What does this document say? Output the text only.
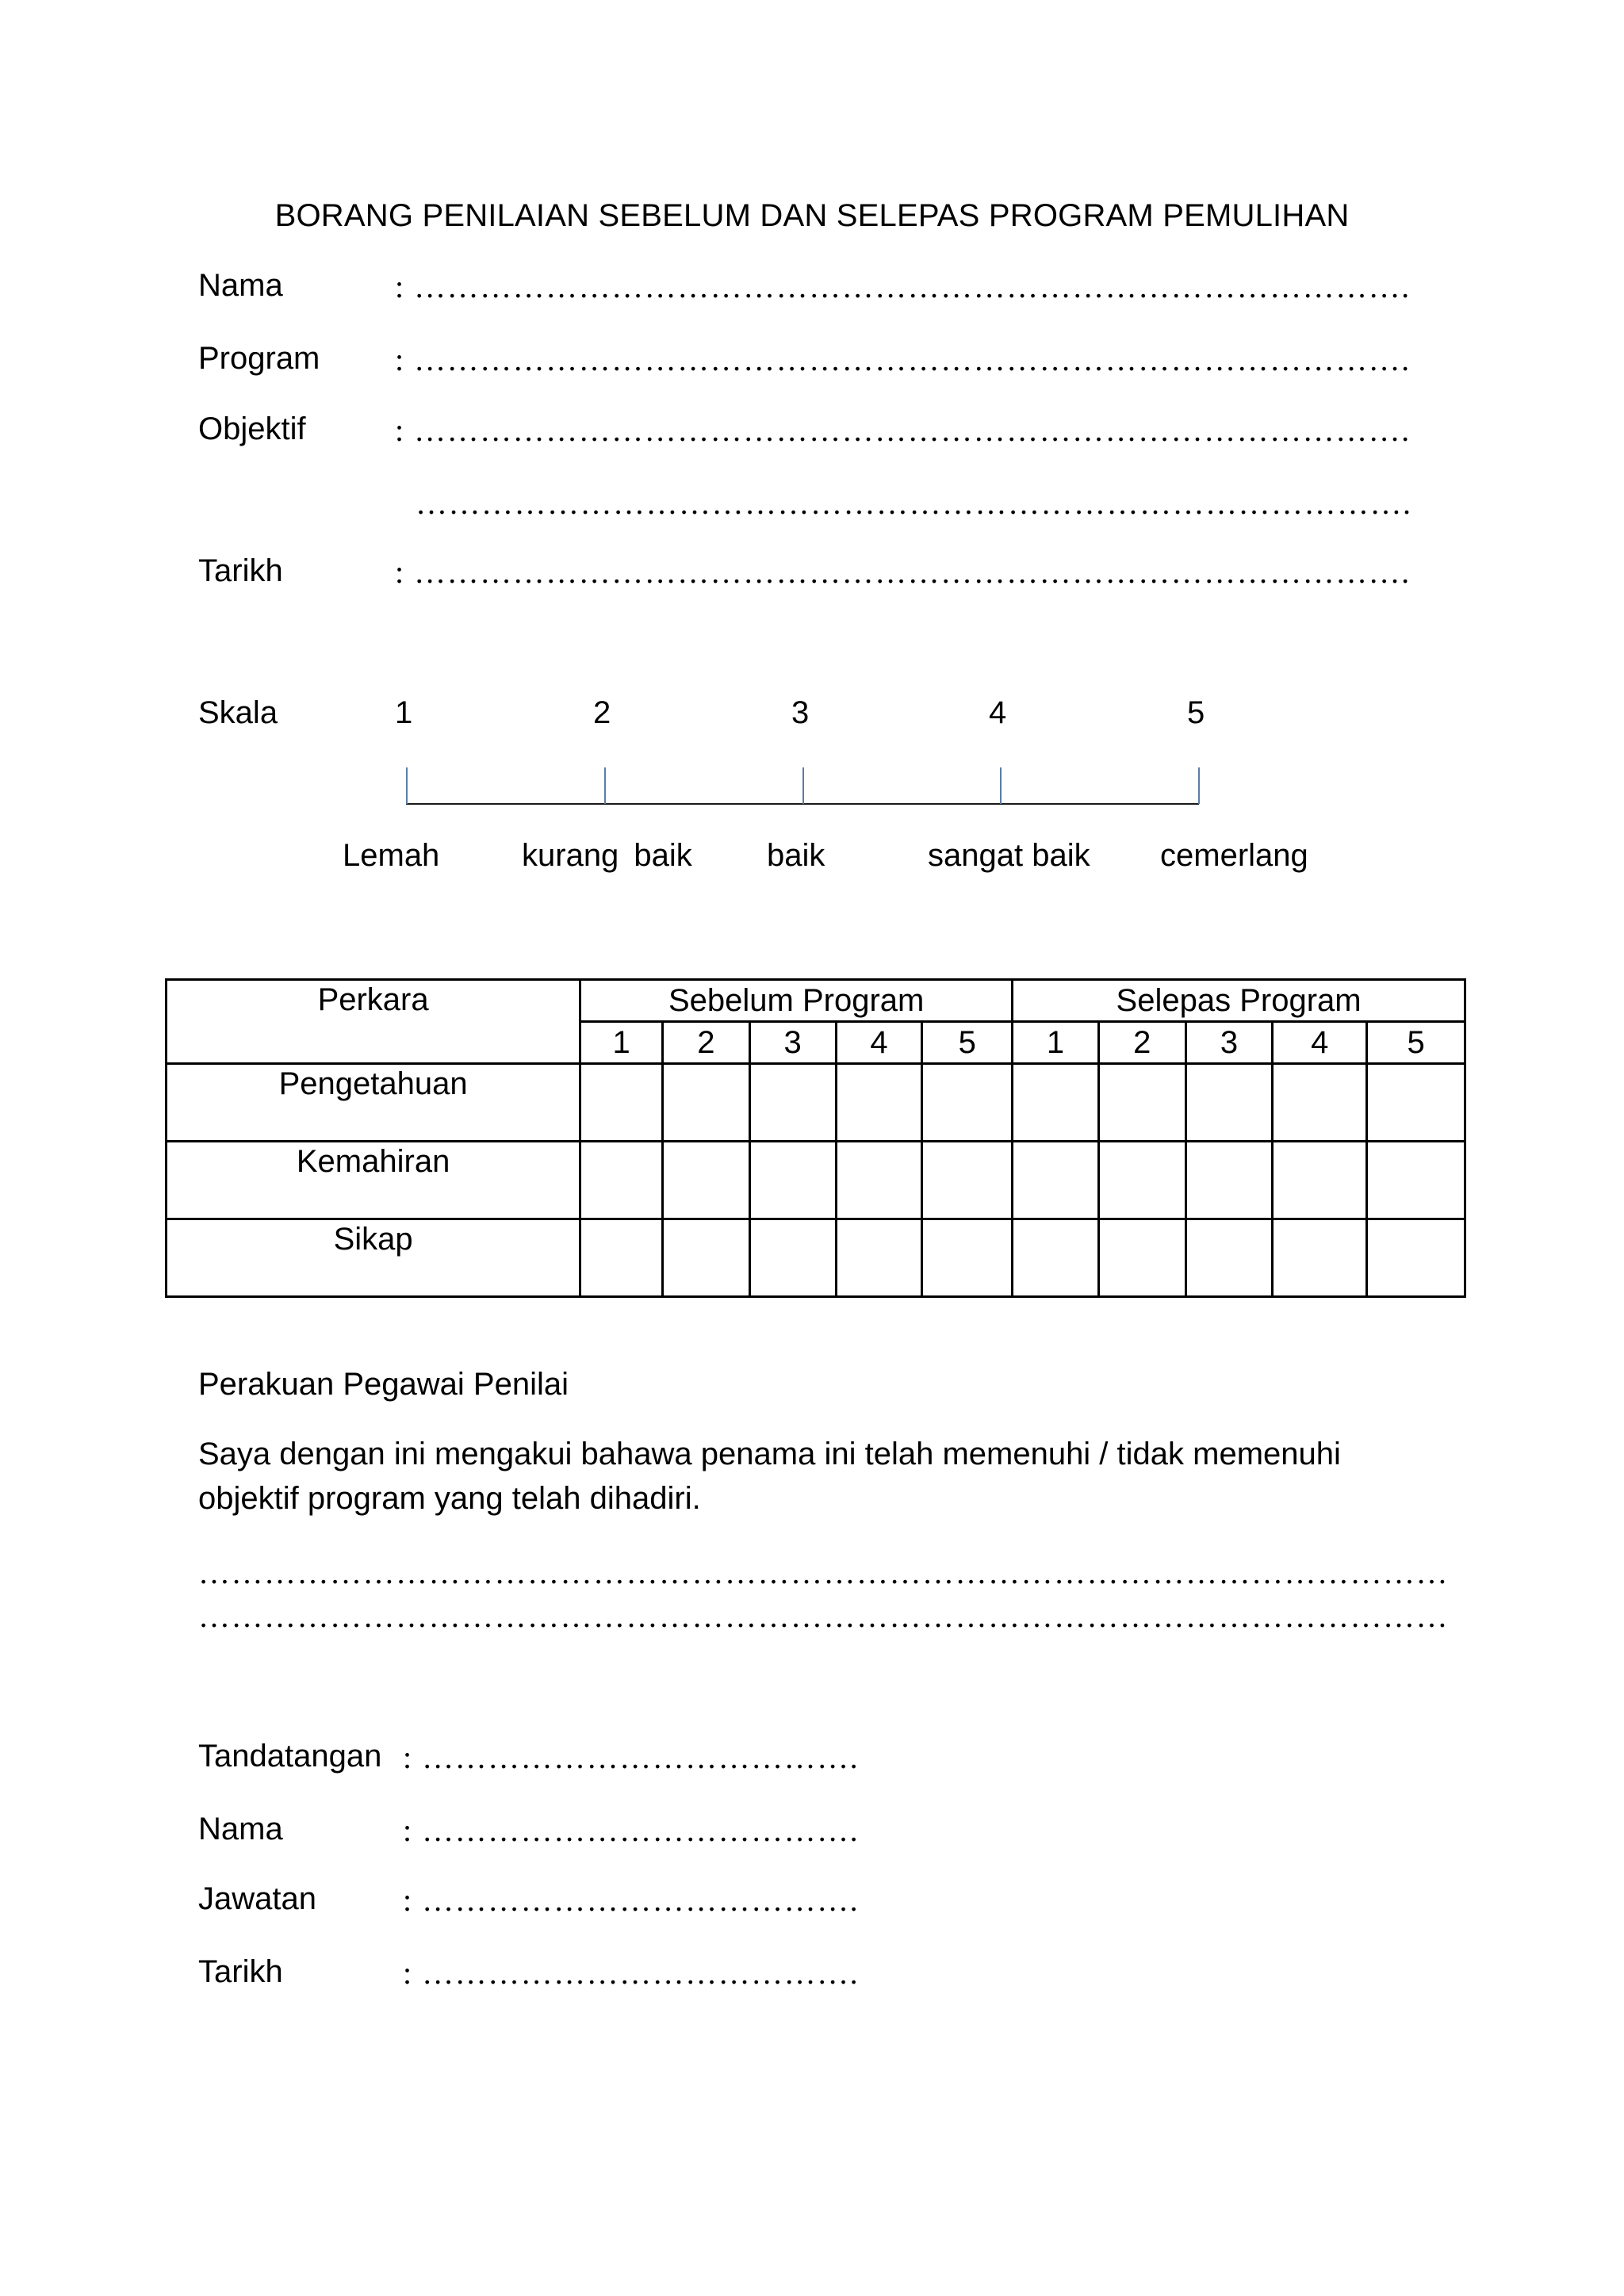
BORANG PENILAIAN SEBELUM DAN SELEPAS PROGRAM PEMULIHAN
Nama	: ……………………………………………………………………………….
Program : ……………………………………………………………………………….
Objektif	: ……………………………………………………………………………….
……………………………………………………………………………….
Tarikh	: ……………………………………………………………………………….
Skala	1	2	3	4	5
Lemah	kurang baik baik	sangat baik cemerlang
Perkara	Sebelum Program					Selepas Program				
	1	2	3	4	5	1	2	3	4	5
Pengetahuan										
Kemahiran										
Sikap										
Perakuan Pegawai Penilai
Saya dengan ini mengakui bahawa penama ini telah memenuhi / tidak memenuhi
objektif program yang telah dihadiri.
……………………………………………………………………………………………………
……………………………………………………………………………………………………
Tandatangan : ………………………………….
Nama	: ………………………………….
Jawatan	: ………………………………….
Tarikh	: ………………………………….
